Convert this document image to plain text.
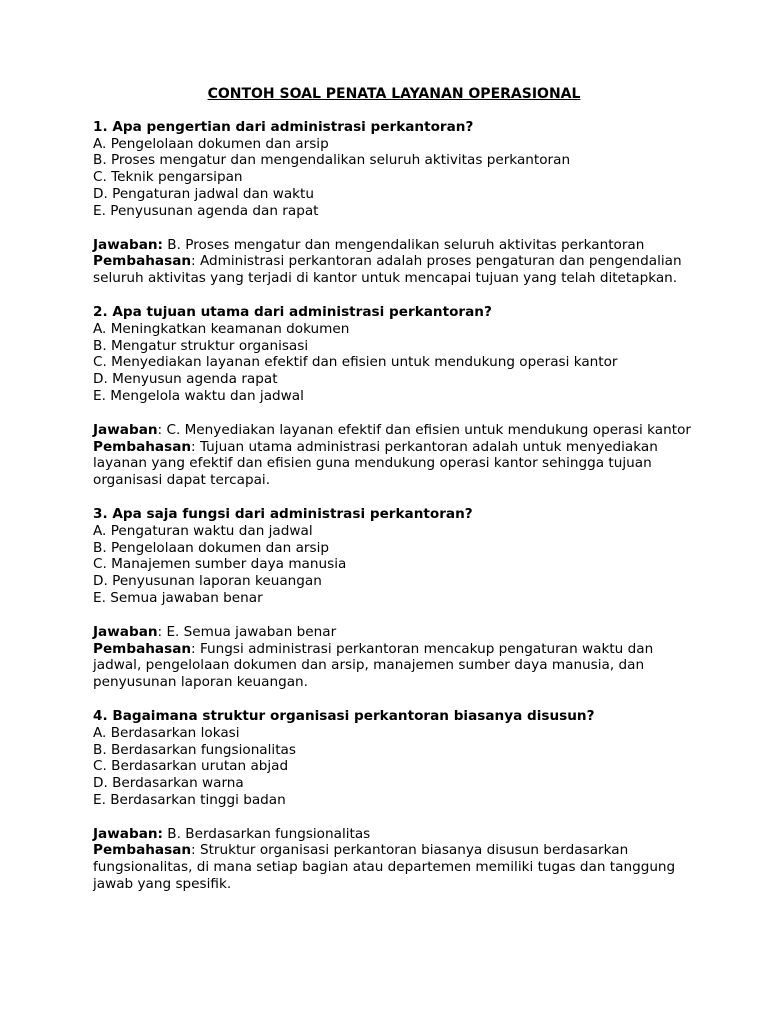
CONTOH SOAL PENATA LAYANAN OPERASIONAL
1. Apa pengertian dari administrasi perkantoran?
A. Pengelolaan dokumen dan arsip
B. Proses mengatur dan mengendalikan seluruh aktivitas perkantoran
C. Teknik pengarsipan
D. Pengaturan jadwal dan waktu
E. Penyusunan agenda dan rapat
Jawaban: B. Proses mengatur dan mengendalikan seluruh aktivitas perkantoran
Pembahasan: Administrasi perkantoran adalah proses pengaturan dan pengendalian seluruh aktivitas yang terjadi di kantor untuk mencapai tujuan yang telah ditetapkan.
2. Apa tujuan utama dari administrasi perkantoran?
A. Meningkatkan keamanan dokumen
B. Mengatur struktur organisasi
C. Menyediakan layanan efektif dan efisien untuk mendukung operasi kantor
D. Menyusun agenda rapat
E. Mengelola waktu dan jadwal
Jawaban: C. Menyediakan layanan efektif dan efisien untuk mendukung operasi kantor
Pembahasan: Tujuan utama administrasi perkantoran adalah untuk menyediakan layanan yang efektif dan efisien guna mendukung operasi kantor sehingga tujuan organisasi dapat tercapai.
3. Apa saja fungsi dari administrasi perkantoran?
A. Pengaturan waktu dan jadwal
B. Pengelolaan dokumen dan arsip
C. Manajemen sumber daya manusia
D. Penyusunan laporan keuangan
E. Semua jawaban benar
Jawaban: E. Semua jawaban benar
Pembahasan: Fungsi administrasi perkantoran mencakup pengaturan waktu dan jadwal, pengelolaan dokumen dan arsip, manajemen sumber daya manusia, dan penyusunan laporan keuangan.
4. Bagaimana struktur organisasi perkantoran biasanya disusun?
A. Berdasarkan lokasi
B. Berdasarkan fungsionalitas
C. Berdasarkan urutan abjad
D. Berdasarkan warna
E. Berdasarkan tinggi badan
Jawaban: B. Berdasarkan fungsionalitas
Pembahasan: Struktur organisasi perkantoran biasanya disusun berdasarkan fungsionalitas, di mana setiap bagian atau departemen memiliki tugas dan tanggung jawab yang spesifik.
